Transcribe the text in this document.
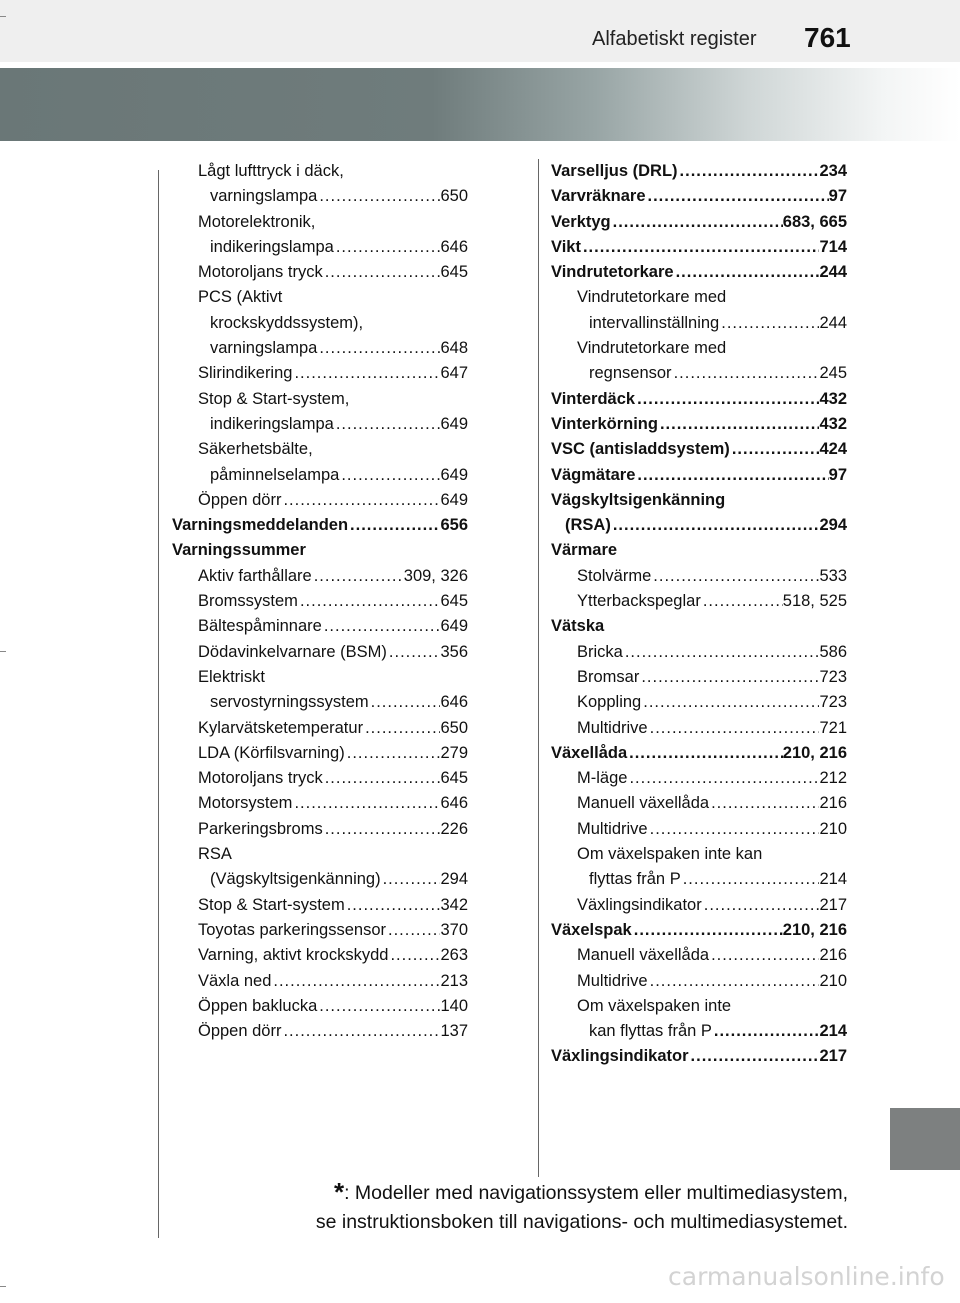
Alfabetiskt register 761
Lågt lufttryck i däck,
varningslampa .....	650
Motorelektronik,
indikeringslampa .....	646
Motoroljans tryck .....	645
PCS (Aktivt
krockskyddssystem),
varningslampa .....	648
Slirindikering .....	647
Stop & Start-system,
indikeringslampa .....	649
Säkerhetsbälte,
påminnelselampa .....	649
Öppen dörr .....	649
Varningsmeddelanden .....	656
Varningssummer
Aktiv farthållare .....	309, 326
Bromssystem .....	645
Bältespåminnare .....	649
Dödavinkelvarnare (BSM) .....	356
Elektriskt
servostyrningssystem .....	646
Kylarvätsketemperatur .....	650
LDA (Körfilsvarning) .....	279
Motoroljans tryck .....	645
Motorsystem .....	646
Parkeringsbroms .....	226
RSA
(Vägskyltsigenkänning) .....	294
Stop & Start-system .....	342
Toyotas parkeringssensor .....	370
Varning, aktivt krockskydd .....	263
Växla ned .....	213
Öppen baklucka .....	140
Öppen dörr .....	137
Varselljus (DRL) .....	234
Varvräknare .....	97
Verktyg .....	683, 665
Vikt .....	714
Vindrutetorkare .....	244
Vindrutetorkare med
intervallinställning .....	244
Vindrutetorkare med
regnsensor .....	245
Vinterdäck .....	432
Vinterkörning .....	432
VSC (antisladdsystem) .....	424
Vägmätare .....	97
Vägskyltsigenkänning
(RSA) .....	294
Värmare
Stolvärme .....	533
Ytterbackspeglar .....	518, 525
Vätska
Bricka .....	586
Bromsar .....	723
Koppling .....	723
Multidrive .....	721
Växellåda .....	210, 216
M-läge .....	212
Manuell växellåda .....	216
Multidrive .....	210
Om växelspaken inte kan
flyttas från P .....	214
Växlingsindikator .....	217
Växelspak .....	210, 216
Manuell växellåda .....	216
Multidrive .....	210
Om växelspaken inte
kan flyttas från P .....	214
Växlingsindikator .....	217
*: Modeller med navigationssystem eller multimediasystem,
se instruktionsboken till navigations- och multimediasystemet.
carmanualsonline.info
